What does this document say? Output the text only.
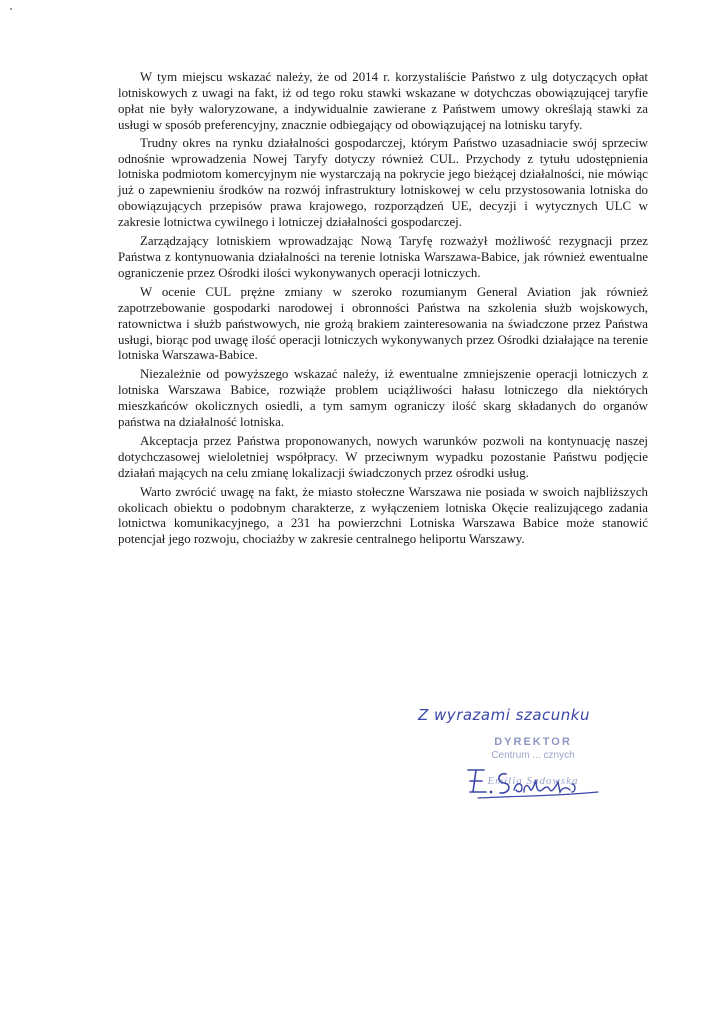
W tym miejscu wskazać należy, że od 2014 r. korzystaliście Państwo z ulg dotyczących opłat lotniskowych z uwagi na fakt, iż od tego roku stawki wskazane w dotychczas obowiązującej taryfie opłat nie były waloryzowane, a indywidualnie zawierane z Państwem umowy określają stawki za usługi w sposób preferencyjny, znacznie odbiegający od obowiązującej na lotnisku taryfy.

Trudny okres na rynku działalności gospodarczej, którym Państwo uzasadniacie swój sprzeciw odnośnie wprowadzenia Nowej Taryfy dotyczy również CUL. Przychody z tytułu udostępnienia lotniska podmiotom komercyjnym nie wystarczają na pokrycie jego bieżącej działalności, nie mówiąc już o zapewnieniu środków na rozwój infrastruktury lotniskowej w celu przystosowania lotniska do obowiązujących przepisów prawa krajowego, rozporządzeń UE, decyzji i wytycznych ULC w zakresie lotnictwa cywilnego i lotniczej działalności gospodarczej.

Zarządzający lotniskiem wprowadzając Nową Taryfę rozważył możliwość rezygnacji przez Państwa z kontynuowania działalności na terenie lotniska Warszawa-Babice, jak również ewentualne ograniczenie przez Ośrodki ilości wykonywanych operacji lotniczych.

W ocenie CUL prężne zmiany w szeroko rozumianym General Aviation jak również zapotrzebowanie gospodarki narodowej i obronności Państwa na szkolenia służb wojskowych, ratownictwa i służb państwowych, nie grożą brakiem zainteresowania na świadczone przez Państwa usługi, biorąc pod uwagę ilość operacji lotniczych wykonywanych przez Ośrodki działające na terenie lotniska Warszawa-Babice.

Niezależnie od powyższego wskazać należy, iż ewentualne zmniejszenie operacji lotniczych z lotniska Warszawa Babice, rozwiąże problem uciążliwości hałasu lotniczego dla niektórych mieszkańców okolicznych osiedli, a tym samym ograniczy ilość skarg składanych do organów państwa na działalność lotniska.

Akceptacja przez Państwa proponowanych, nowych warunków pozwoli na kontynuację naszej dotychczasowej wieloletniej współpracy. W przeciwnym wypadku pozostanie Państwu podjęcie działań mających na celu zmianę lokalizacji świadczonych przez ośrodki usług.

Warto zwrócić uwagę na fakt, że miasto stołeczne Warszawa nie posiada w swoich najbliższych okolicach obiektu o podobnym charakterze, z wyłączeniem lotniska Okęcie realizującego zadania lotnictwa komunikacyjnego, a 231 ha powierzchni Lotniska Warszawa Babice może stanowić potencjał jego rozwoju, chociażby w zakresie centralnego heliportu Warszawy.

Z wyrazami szacunku
DYREKTOR
Centrum ... cznych
Emilia Sadowska
